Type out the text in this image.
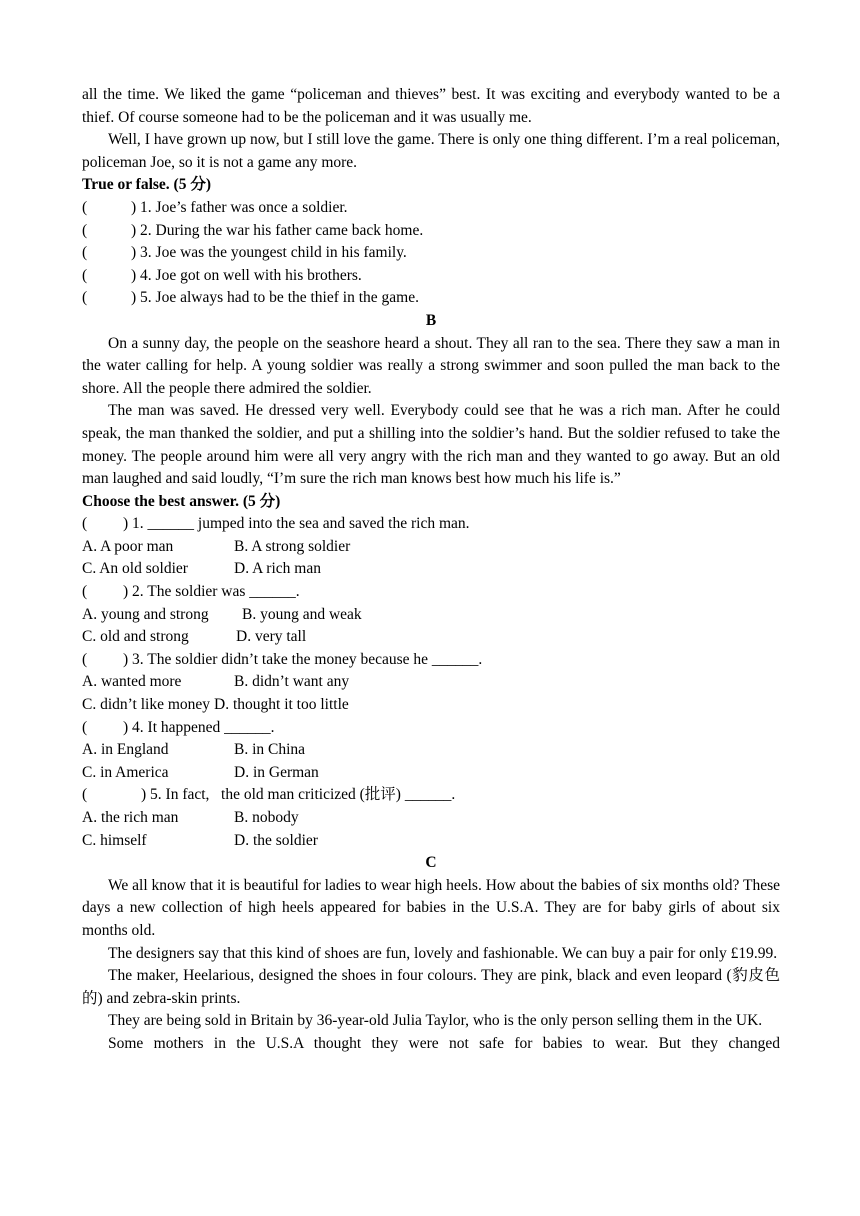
all the time. We liked the game “policeman and thieves” best. It was exciting and everybody wanted to be a thief. Of course someone had to be the policeman and it was usually me.

Well, I have grown up now, but I still love the game. There is only one thing different. I’m a real policeman, policeman Joe, so it is not a game any more.

True or false. (5 分)

(	)
1. Joe’s father was once a soldier.
(	)
2. During the war his father came back home.
(	)
3. Joe was the youngest child in his family.
(	)
4. Joe got on well with his brothers.
(	)
5. Joe always had to be the thief in the game.

B

On a sunny day, the people on the seashore heard a shout. They all ran to the sea. There they saw a man in the water calling for help. A young soldier was really a strong swimmer and soon pulled the man back to the shore. All the people there admired the soldier.

The man was saved. He dressed very well. Everybody could see that he was a rich man. After he could speak, the man thanked the soldier, and put a shilling into the soldier’s hand. But the soldier refused to take the money. The people around him were all very angry with the rich man and they wanted to go away. But an old man laughed and said loudly, “I’m sure the rich man knows best how much his life is.”

Choose the best answer. (5 分)

(	)
1. ______ jumped into the sea and saved the rich man.
A. A poor man	B. A strong soldier
C. An old soldier	D. A rich man
(	)
2. The soldier was ______.
A. young and strong	B. young and weak
C. old and strong	D. very tall
(	)
3. The soldier didn’t take the money because he ______.
A. wanted more	B. didn’t want any
C. didn’t like money D. thought it too little
(	)
4. It happened ______.
A. in England	B. in China
C. in America	D. in German
(	)
5. In fact,   the old man criticized (批评) ______.
A. the rich man	B. nobody
C. himself	D. the soldier

C

We all know that it is beautiful for ladies to wear high heels. How about the babies of six months old? These days a new collection of high heels appeared for babies in the U.S.A. They are for baby girls of about six months old.

The designers say that this kind of shoes are fun, lovely and fashionable. We can buy a pair for only £19.99.

The maker, Heelarious, designed the shoes in four colours. They are pink, black and even leopard (豹皮色的) and zebra-skin prints.

They are being sold in Britain by 36-year-old Julia Taylor, who is the only person selling them in the UK.

Some mothers in the U.S.A thought they were not safe for babies to wear. But they changed
